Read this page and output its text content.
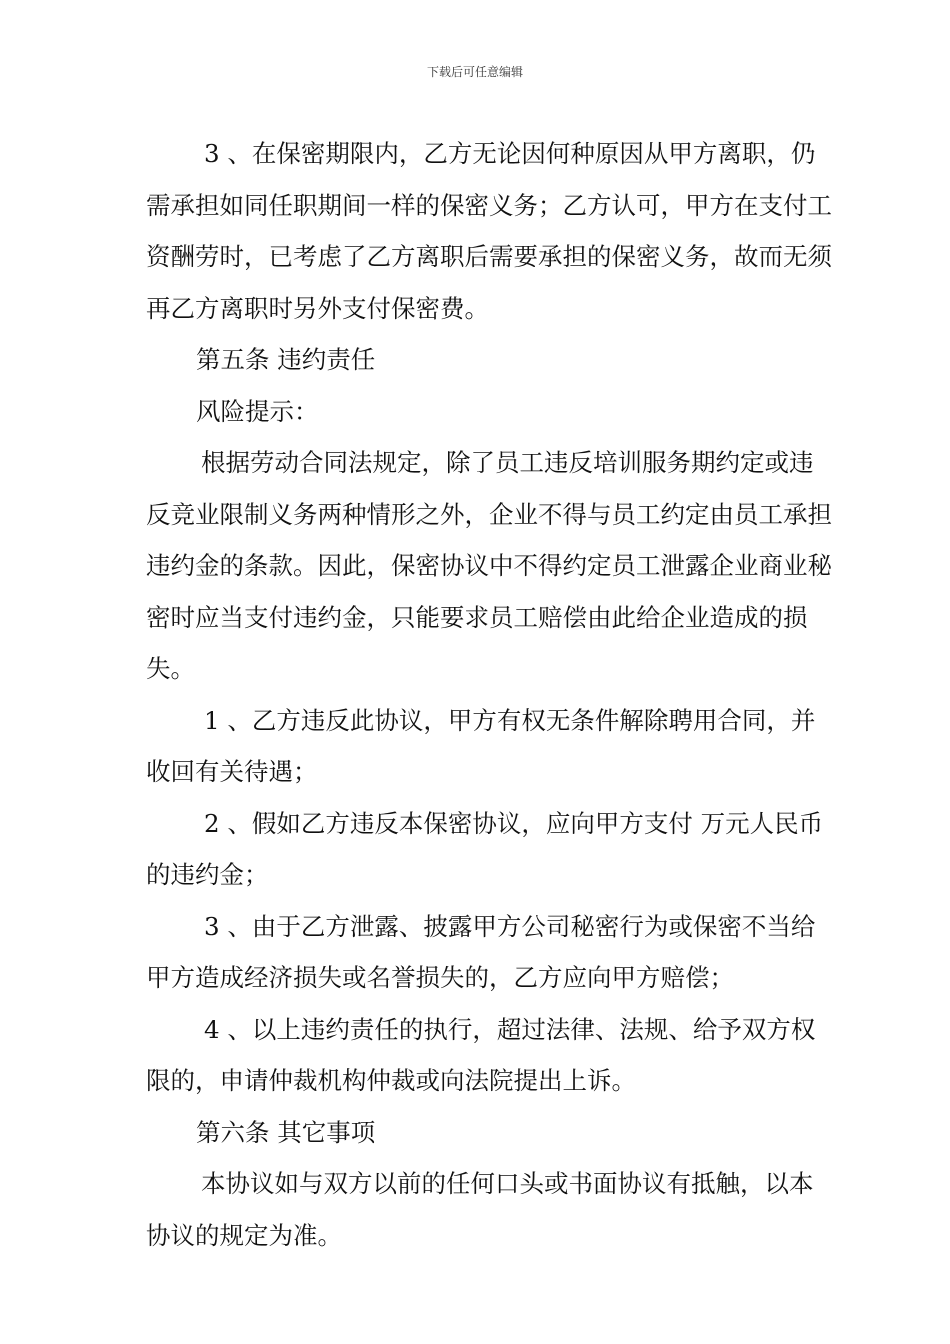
下载后可任意编辑

3 、在保密期限内，乙方无论因何种原因从甲方离职，仍需承担如同任职期间一样的保密义务；乙方认可，甲方在支付工资酬劳时，已考虑了乙方离职后需要承担的保密义务，故而无须再乙方离职时另外支付保密费。

第五条 违约责任

风险提示：

根据劳动合同法规定，除了员工违反培训服务期约定或违反竞业限制义务两种情形之外，企业不得与员工约定由员工承担违约金的条款。因此，保密协议中不得约定员工泄露企业商业秘密时应当支付违约金，只能要求员工赔偿由此给企业造成的损失。

1 、乙方违反此协议，甲方有权无条件解除聘用合同，并收回有关待遇；

2 、假如乙方违反本保密协议，应向甲方支付 万元人民币的违约金；

3 、由于乙方泄露、披露甲方公司秘密行为或保密不当给甲方造成经济损失或名誉损失的，乙方应向甲方赔偿；

4 、以上违约责任的执行，超过法律、法规、给予双方权限的，申请仲裁机构仲裁或向法院提出上诉。

第六条 其它事项

本协议如与双方以前的任何口头或书面协议有抵触，以本协议的规定为准。
